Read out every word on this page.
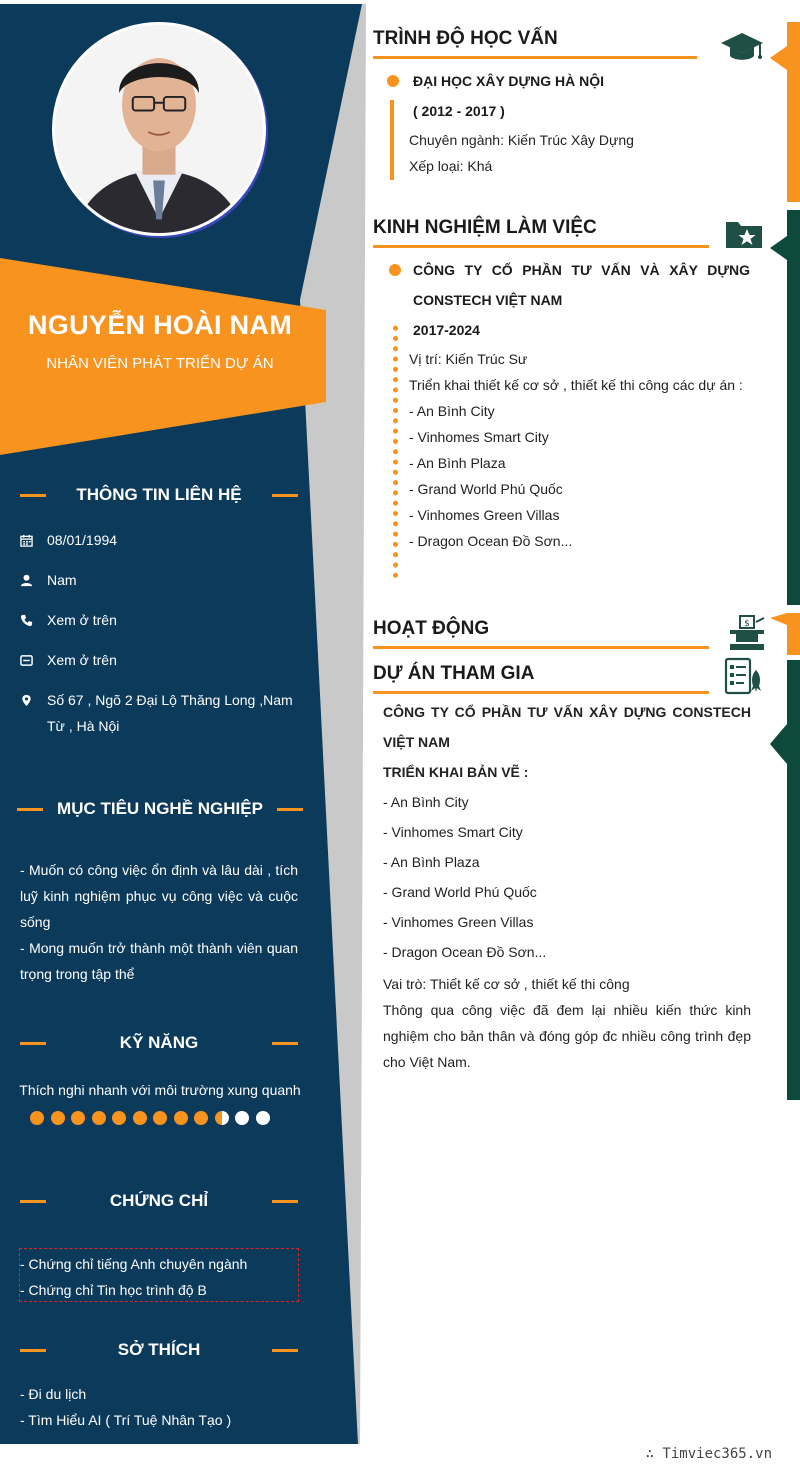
NGUYỄN HOÀI NAM
NHÂN VIÊN PHÁT TRIỂN DỰ ÁN
THÔNG TIN LIÊN HỆ
08/01/1994
Nam
Xem ở trên
Xem ở trên
Số 67 , Ngõ 2 Đại Lộ Thăng Long ,Nam Từ , Hà Nội
MỤC TIÊU NGHỀ NGHIỆP
- Muốn có công việc ổn định và lâu dài , tích luỹ kinh nghiệm phục vụ công việc và cuộc sống
- Mong muốn trở thành một thành viên quan trọng trong tập thể
KỸ NĂNG
Thích nghi nhanh với môi trường xung quanh
CHỨNG CHỈ
- Chứng chỉ tiếng Anh chuyên ngành
- Chứng chỉ Tin học trình độ B
SỞ THÍCH
- Đi du lịch
- Tìm Hiểu AI ( Trí Tuệ Nhân Tạo )
TRÌNH ĐỘ HỌC VẤN
ĐẠI HỌC XÂY DỰNG HÀ NỘI
( 2012 - 2017 )
Chuyên ngành: Kiến Trúc Xây Dựng
Xếp loại: Khá
KINH NGHIỆM LÀM VIỆC
CÔNG TY CỔ PHẦN TƯ VẤN VÀ XÂY DỰNG
CONSTECH VIỆT NAM
2017-2024
Vị trí: Kiến Trúc Sư
Triển khai thiết kế cơ sở , thiết kế thi công các dự án :
- An Bình City
- Vinhomes Smart City
- An Bình Plaza
- Grand World Phú Quốc
- Vinhomes Green Villas
- Dragon Ocean Đồ Sơn...
HOẠT ĐỘNG	$
DỰ ÁN THAM GIA
CÔNG TY CỔ PHẦN TƯ VẤN XÂY DỰNG CONSTECH
VIỆT NAM
TRIỂN KHAI BẢN VẼ :
- An Bình City
- Vinhomes Smart City
- An Bình Plaza
- Grand World Phú Quốc
- Vinhomes Green Villas
- Dragon Ocean Đồ Sơn...
Vai trò: Thiết kế cơ sở , thiết kế thi công
Thông qua công việc đã đem lại nhiều kiến thức kinh nghiệm cho bản thân và đóng góp đc nhiều công trình đẹp cho Việt Nam.
∴ Timviec365.vn
